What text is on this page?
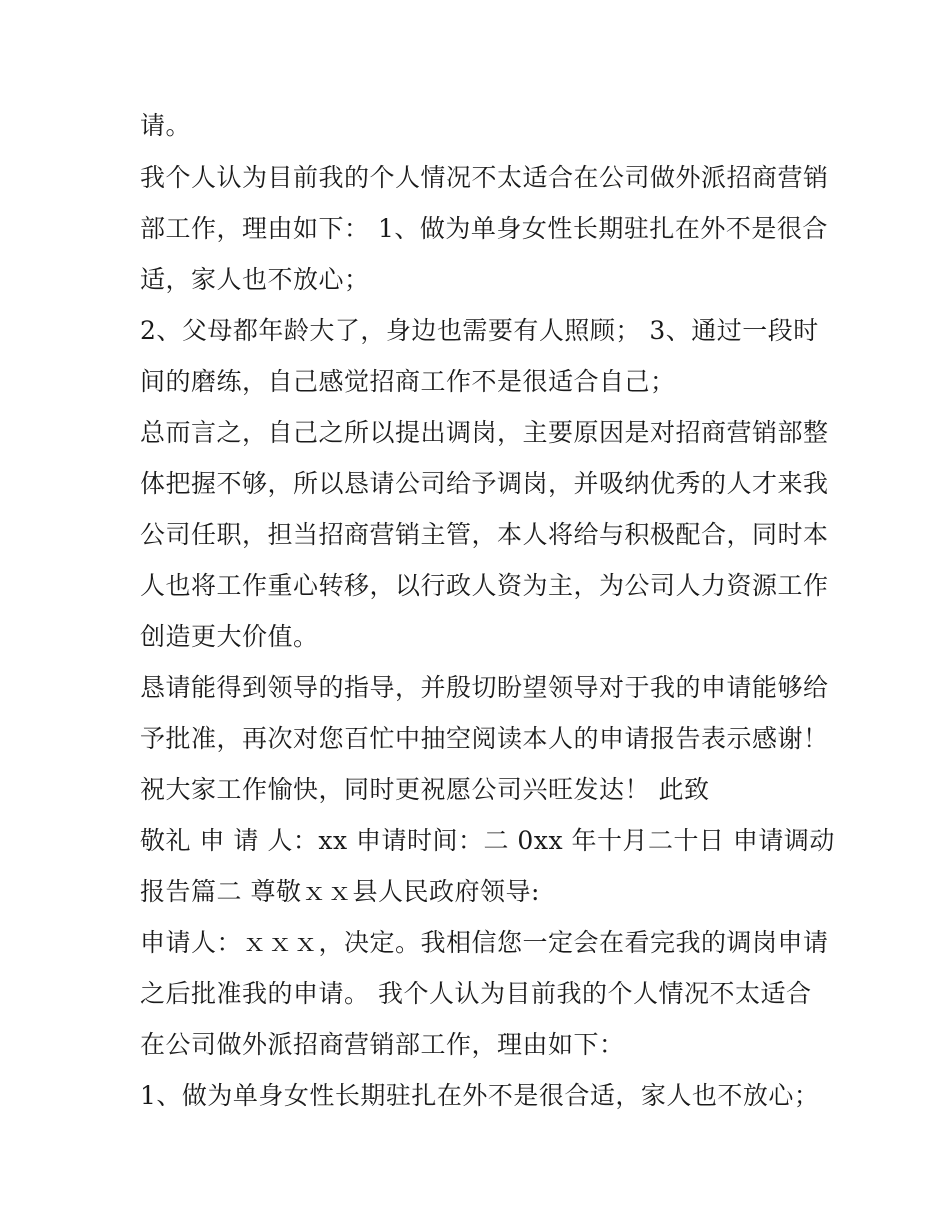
请。
我个人认为目前我的个人情况不太适合在公司做外派招商营销
部工作，理由如下： 1、做为单身女性长期驻扎在外不是很合
适，家人也不放心；
2、父母都年龄大了，身边也需要有人照顾； 3、通过一段时
间的磨练，自己感觉招商工作不是很适合自己；
总而言之，自己之所以提出调岗，主要原因是对招商营销部整
体把握不够，所以恳请公司给予调岗，并吸纳优秀的人才来我
公司任职，担当招商营销主管，本人将给与积极配合，同时本
人也将工作重心转移，以行政人资为主，为公司人力资源工作
创造更大价值。
恳请能得到领导的指导，并殷切盼望领导对于我的申请能够给
予批准，再次对您百忙中抽空阅读本人的申请报告表示感谢！
祝大家工作愉快，同时更祝愿公司兴旺发达！ 此致
敬礼 申 请 人：xx 申请时间：二 0xx 年十月二十日 申请调动
报告篇二 尊敬ｘｘ县人民政府领导:
申请人：ｘｘｘ，决定。我相信您一定会在看完我的调岗申请
之后批准我的申请。 我个人认为目前我的个人情况不太适合
在公司做外派招商营销部工作，理由如下：
1、做为单身女性长期驻扎在外不是很合适，家人也不放心；
